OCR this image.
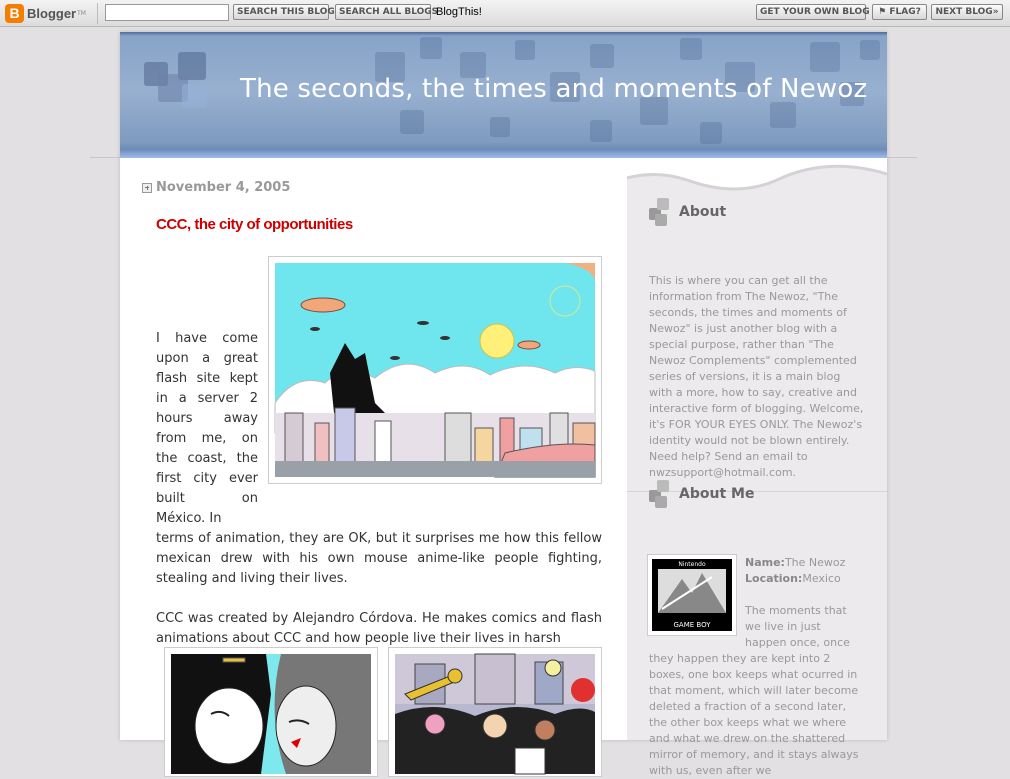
B Blogger TM	SEARCH THIS BLOG SEARCH ALL BLOGS
BlogThis!	GET YOUR OWN BLOG ⚑ FLAG?	NEXT BLOG»
The seconds, the times and moments of Newoz
November 4, 2005
CCC, the city of opportunities
I have come upon a great flash site kept in a server 2 hours away from me, on the coast, the first city ever built on México. In
terms of animation, they are OK, but it surprises me how this fellow mexican drew with his own mouse anime-like people fighting, stealing and living their lives.
CCC was created by Alejandro Córdova. He makes comics and flash animations about CCC and how people live their lives in harsh
About
This is where you can get all the information from The Newoz, "The seconds, the times and moments of Newoz" is just another blog with a special purpose, rather than "The Newoz Complements" complemented series of versions, it is a main blog with a more, how to say, creative and interactive form of blogging. Welcome, it's FOR YOUR EYES ONLY. The Newoz's identity would not be blown entirely. Need help? Send an email to nwzsupport@hotmail.com.
About Me
Nintendo
GAME BOY
Name:The Newoz
Location:Mexico
The moments that we live in just happen once, once
they happen they are kept into 2 boxes, one box keeps what ocurred in that moment, which will later become deleted a fraction of a second later, the other box keeps what we where and what we drew on the shattered mirror of memory, and it stays always with us, even after we
